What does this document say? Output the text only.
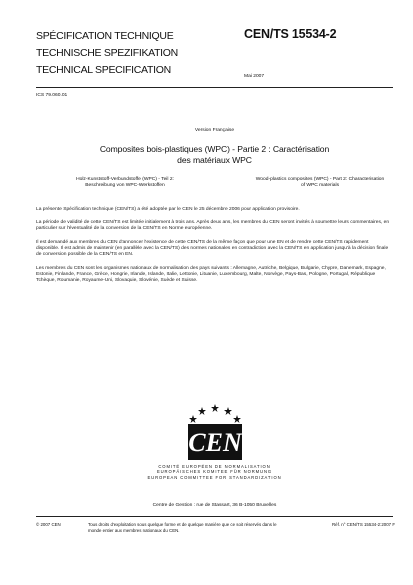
SPÉCIFICATION TECHNIQUE
TECHNISCHE SPEZIFIKATION
TECHNICAL SPECIFICATION
CEN/TS 15534-2
Mai 2007
ICS 79.060.01
Version Française
Composites bois-plastiques (WPC) - Partie 2 : Caractérisation
des matériaux WPC
Holz-Kunststoff-Verbundstoffe (WPC) - Teil 2:
Beschreibung von WPC-Werkstoffen
Wood-plastics composites (WPC) - Part 2: Characterisation
of WPC materials
La présente Spécification technique (CEN/TS) a été adoptée par le CEN le 25 décembre 2006 pour application provisoire.
La période de validité de cette CEN/TS est limitée initialement à trois ans. Après deux ans, les membres du CEN seront invités à soumettre leurs commentaires, en particulier sur l'éventualité de la conversion de la CEN/TS en Norme européenne.
Il est demandé aux membres du CEN d'annoncer l'existence de cette CEN/TS de la même façon que pour une EN et de rendre cette CEN/TS rapidement disponible. Il est admis de maintenir (en parallèle avec la CEN/TS) des normes nationales en contradiction avec la CEN/TS en application jusqu'à la décision finale de conversion possible de la CEN/TS en EN.
Les membres du CEN sont les organismes nationaux de normalisation des pays suivants : Allemagne, Autriche, Belgique, Bulgarie, Chypre, Danemark, Espagne, Estonie, Finlande, France, Grèce, Hongrie, Irlande, Islande, Italie, Lettonie, Lituanie, Luxembourg, Malte, Norvège, Pays-Bas, Pologne, Portugal, République Tchèque, Roumanie, Royaume-Uni, Slovaquie, Slovénie, Suède et Suisse.
CEN
COMITÉ EUROPÉEN DE NORMALISATION
EUROPÄISCHES KOMITEE FÜR NORMUNG
EUROPEAN COMMITTEE FOR STANDARDIZATION
Centre de Gestion : rue de Stassart, 36 B-1050 Bruxelles
© 2007 CEN	Tous droits d'exploitation sous quelque forme et de quelque manière que ce soit réservés dans le monde entier aux membres nationaux du CEN.
Réf. n° CEN/TS 15534-2:2007 F
